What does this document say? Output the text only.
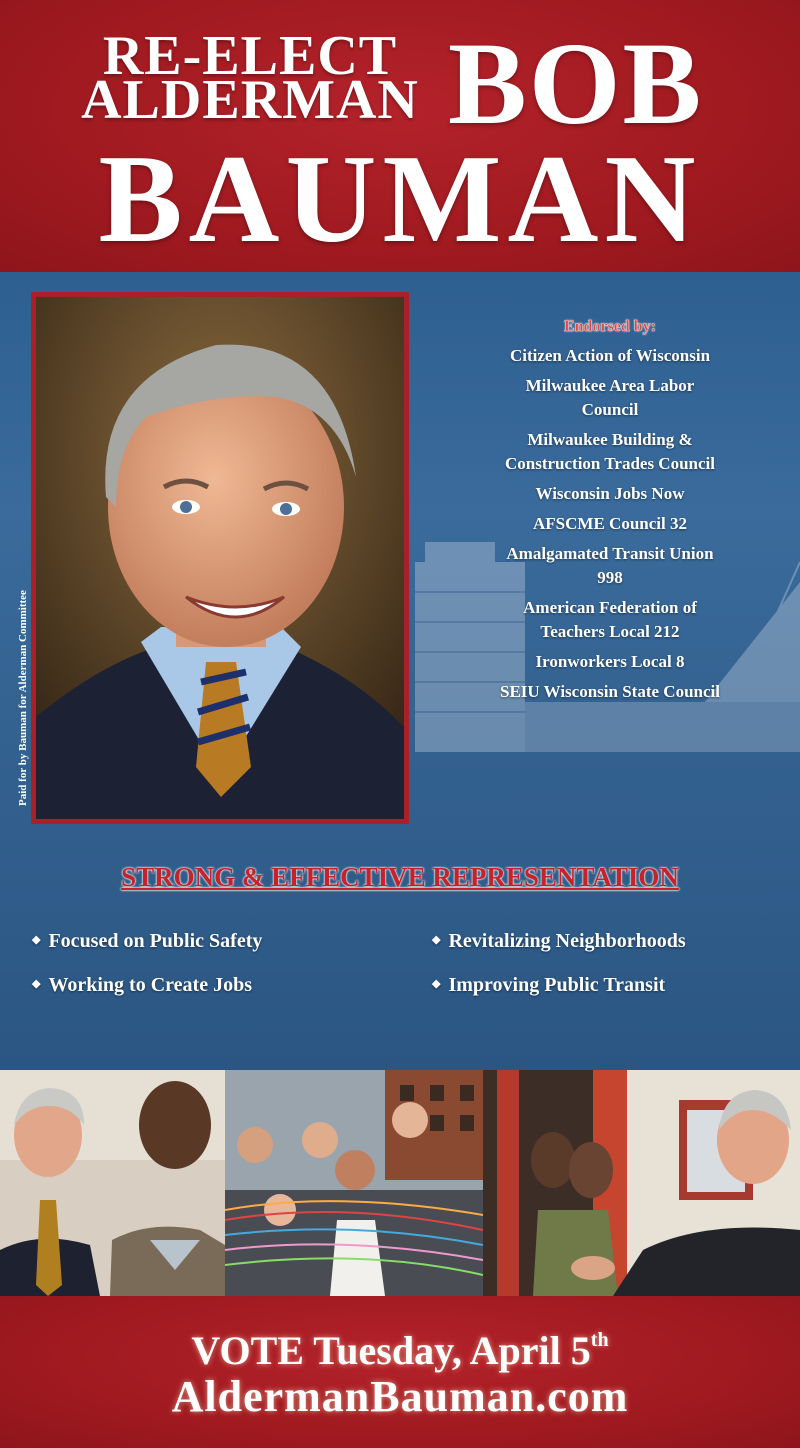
RE-ELECT
ALDERMAN BOB
BAUMAN
Paid for by Bauman for Alderman Committee
Endorsed by:
Citizen Action of Wisconsin
Milwaukee Area Labor Council
Milwaukee Building & Construction Trades Council
Wisconsin Jobs Now
AFSCME Council 32
Amalgamated Transit Union 998
American Federation of Teachers Local 212
Ironworkers Local 8
SEIU Wisconsin State Council
STRONG & EFFECTIVE REPRESENTATION
◆ Focused on Public Safety	◆ Revitalizing Neighborhoods
◆ Working to Create Jobs	◆ Improving Public Transit
VOTE Tuesday, April 5th
AldermanBauman.com
